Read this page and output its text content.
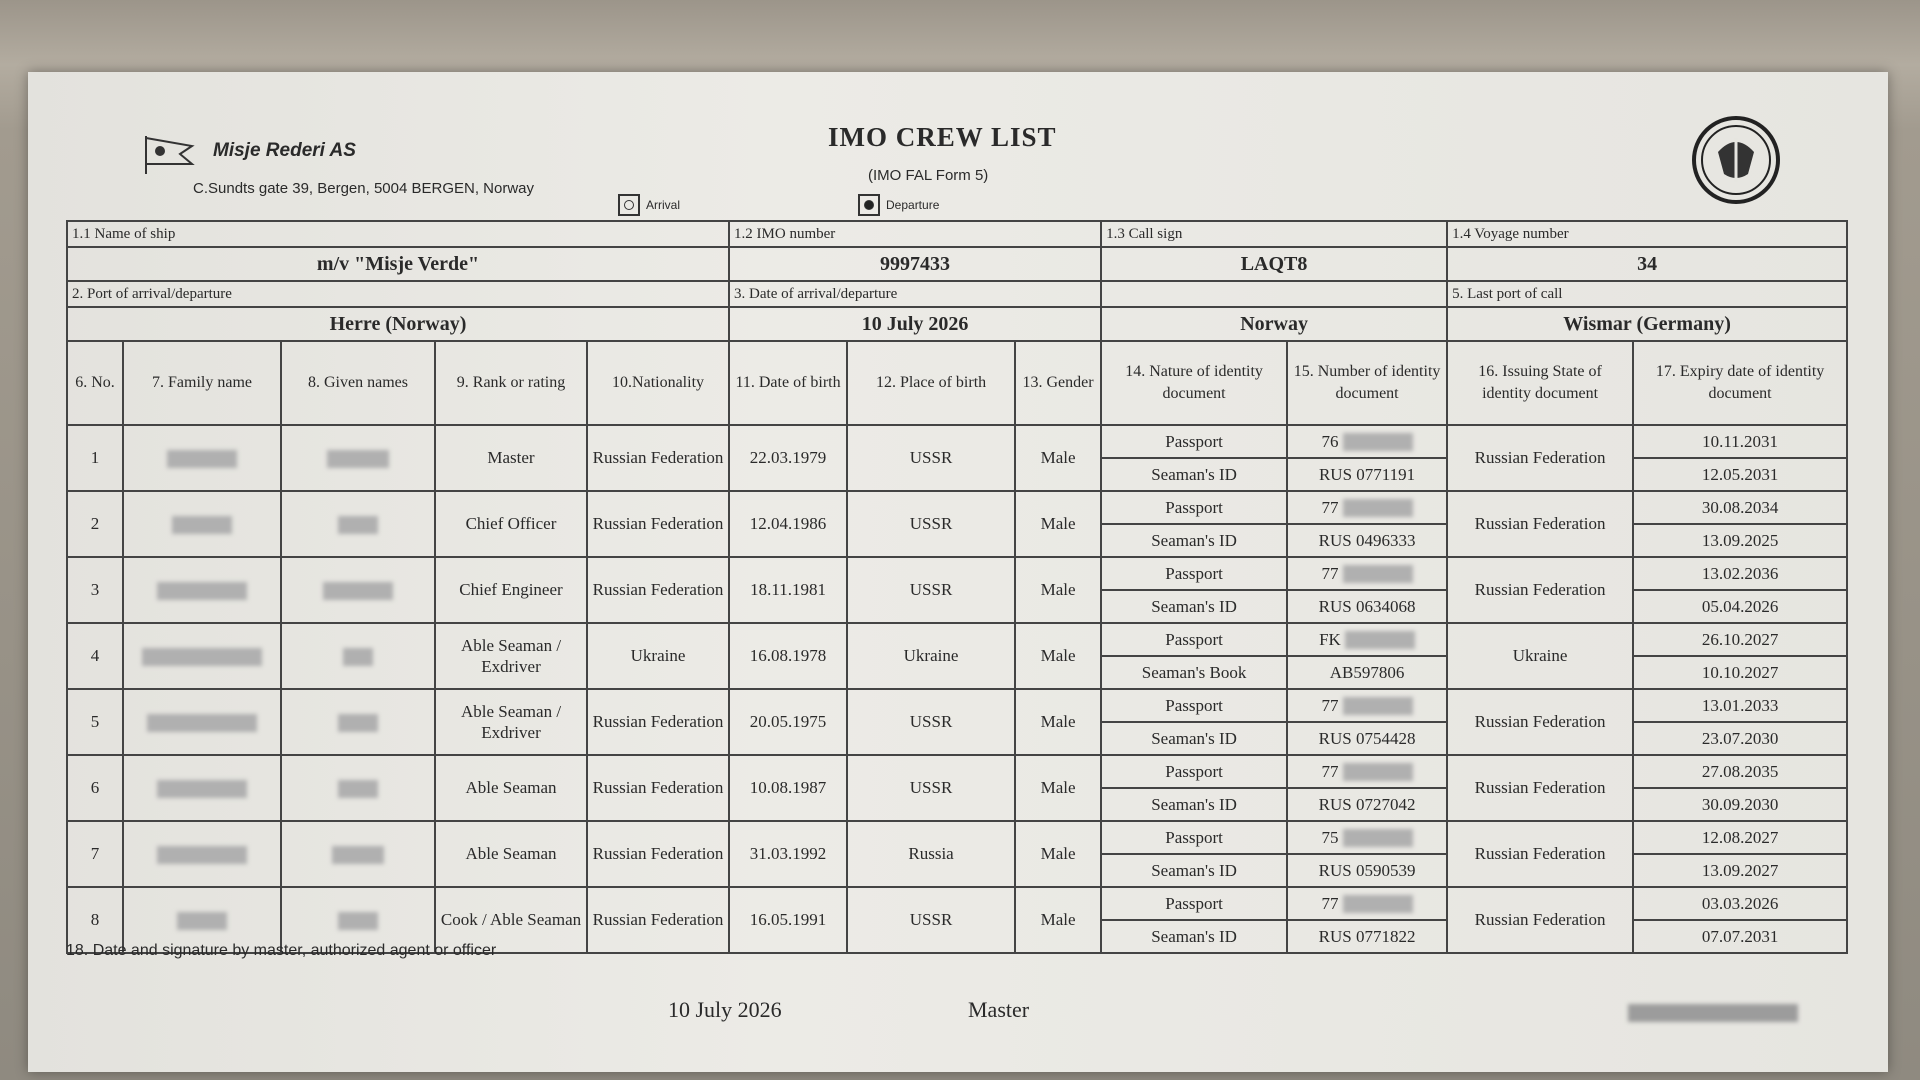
Misje Rederi AS
C.Sundts gate 39, Bergen, 5004 BERGEN, Norway
IMO CREW LIST
(IMO FAL Form 5)
Arrival	Departure
1.1 Name of ship					1.2 IMO number			1.3 Call sign		1.4 Voyage number	
m/v "Misje Verde"					9997433			LAQT8		34	
2. Port of arrival/departure					3. Date of arrival/departure					5. Last port of call	
Herre (Norway)					10 July 2026			Norway		Wismar (Germany)	
6. No.	7. Family name	8. Given names	9. Rank or rating	10.Nationality	11. Date of birth	12. Place of birth	13. Gender	14. Nature of identity document	15. Number of identity document	16. Issuing State of identity document	17. Expiry date of identity document
1			Master	Russian Federation	22.03.1979	USSR	Male	Passport	76	Russian Federation	10.11.2031
								Seaman's ID	RUS 0771191		12.05.2031
2			Chief Officer	Russian Federation	12.04.1986	USSR	Male	Passport	77	Russian Federation	30.08.2034
								Seaman's ID	RUS 0496333		13.09.2025
3			Chief Engineer	Russian Federation	18.11.1981	USSR	Male	Passport	77	Russian Federation	13.02.2036
								Seaman's ID	RUS 0634068		05.04.2026
4			Able Seaman / Exdriver	Ukraine	16.08.1978	Ukraine	Male	Passport	FK	Ukraine	26.10.2027
								Seaman's Book	AB597806		10.10.2027
5			Able Seaman / Exdriver	Russian Federation	20.05.1975	USSR	Male	Passport	77	Russian Federation	13.01.2033
								Seaman's ID	RUS 0754428		23.07.2030
6			Able Seaman	Russian Federation	10.08.1987	USSR	Male	Passport	77	Russian Federation	27.08.2035
								Seaman's ID	RUS 0727042		30.09.2030
7			Able Seaman	Russian Federation	31.03.1992	Russia	Male	Passport	75	Russian Federation	12.08.2027
								Seaman's ID	RUS 0590539		13.09.2027
8			Cook / Able Seaman	Russian Federation	16.05.1991	USSR	Male	Passport	77	Russian Federation	03.03.2026
								Seaman's ID	RUS 0771822		07.07.2031
18. Date and signature by master, authorized agent or officer
10 July 2026	Master
